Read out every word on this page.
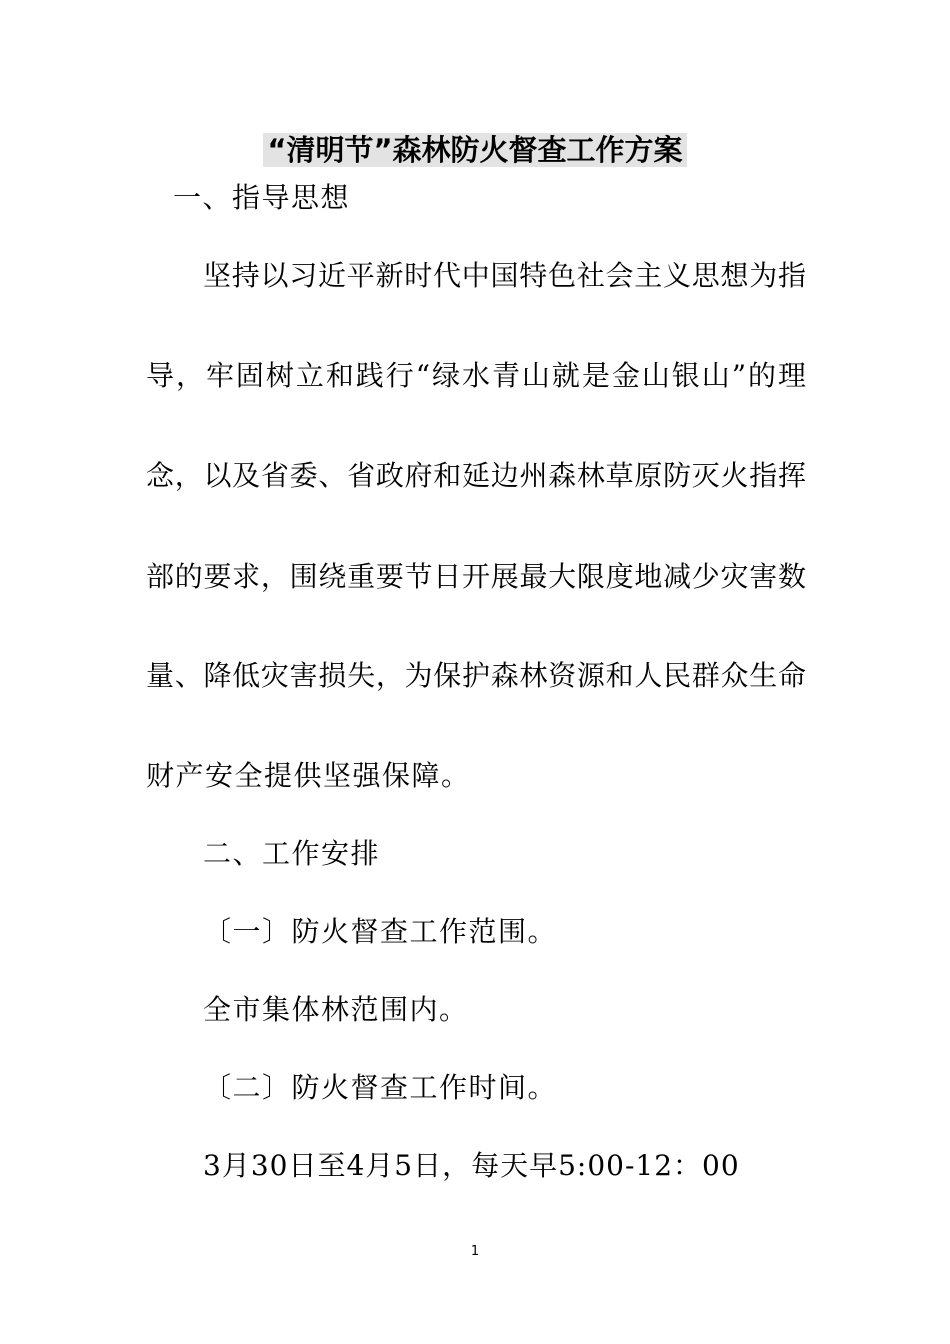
“清明节”森林防火督查工作方案
一、指导思想
坚持以习近平新时代中国特色社会主义思想为指
导，牢固树立和践行“绿水青山就是金山银山”的理
念，以及省委、省政府和延边州森林草原防灭火指挥
部的要求，围绕重要节日开展最大限度地减少灾害数
量、降低灾害损失，为保护森林资源和人民群众生命
财产安全提供坚强保障。
二、工作安排
〔一〕防火督查工作范围。
全市集体林范围内。
〔二〕防火督查工作时间。
3月30日至4月5日，每天早5:00-12：00
1
